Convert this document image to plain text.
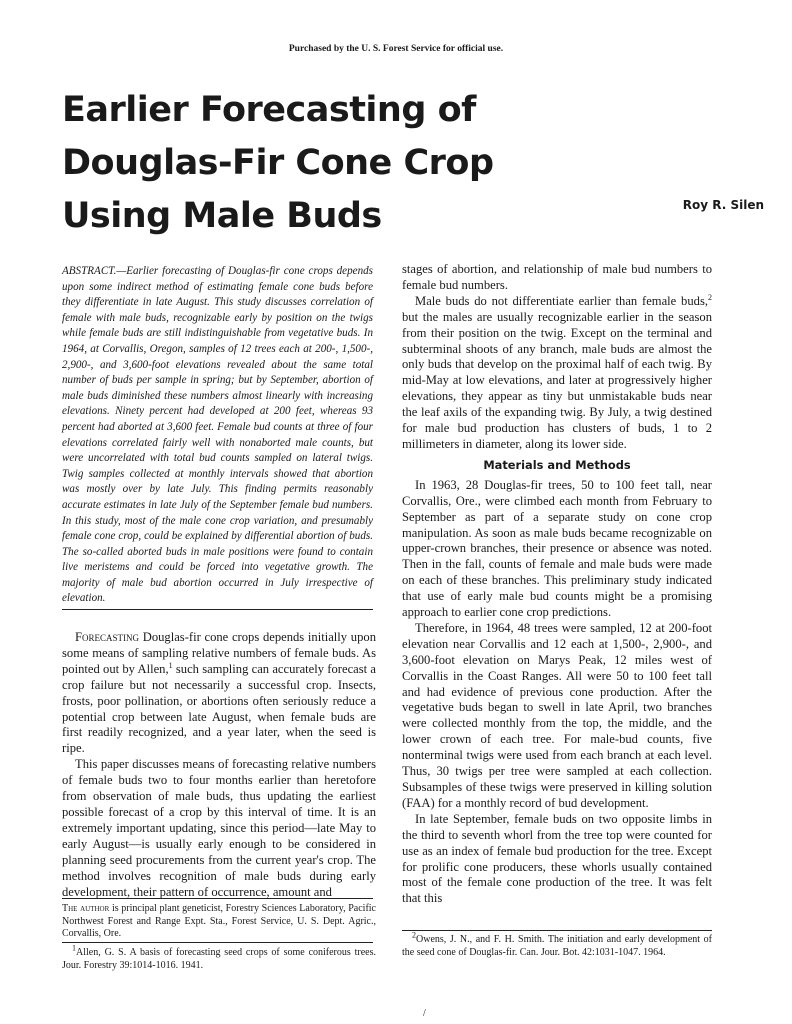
Purchased by the U. S. Forest Service for official use.
Earlier Forecasting of
Douglas-Fir Cone Crop
Using Male Buds	Roy R. Silen

ABSTRACT.—Earlier forecasting of Douglas-fir cone crops depends upon some indirect method of estimating female cone buds before they differentiate in late August. This study discusses correlation of female with male buds, recognizable early by position on the twigs while female buds are still indistinguishable from vegetative buds. In 1964, at Corvallis, Oregon, samples of 12 trees each at 200-, 1,500-, 2,900-, and 3,600-foot elevations revealed about the same total number of buds per sample in spring; but by September, abortion of male buds diminished these numbers almost linearly with increasing elevations. Ninety percent had developed at 200 feet, whereas 93 percent had aborted at 3,600 feet. Female bud counts at three of four elevations correlated fairly well with nonaborted male counts, but were uncorrelated with total bud counts sampled on lateral twigs. Twig samples collected at monthly intervals showed that abortion was mostly over by late July. This finding permits reasonably accurate estimates in late July of the September female bud numbers. In this study, most of the male cone crop variation, and presumably female cone crop, could be explained by differential abortion of buds. The so-called aborted buds in male positions were found to contain live meristems and could be forced into vegetative growth. The majority of male bud abortion occurred in July irrespective of elevation.

Forecasting Douglas-fir cone crops depends initially upon some means of sampling relative numbers of female buds. As pointed out by Allen,$^1$ such sampling can accurately forecast a crop failure but not necessarily a successful crop. Insects, frosts, poor pollination, or abortions often seriously reduce a potential crop between late August, when female buds are first readily recognized, and a year later, when the seed is ripe.

This paper discusses means of forecasting relative numbers of female buds two to four months earlier than heretofore from observation of male buds, thus updating the earliest possible forecast of a crop by this interval of time. It is an extremely important updating, since this period—late May to early August—is usually early enough to be considered in planning seed procurements from the current year's crop. The method involves recognition of male buds during early development, their pattern of occurrence, amount and

stages of abortion, and relationship of male bud numbers to female bud numbers.

Male buds do not differentiate earlier than female buds,$^2$ but the males are usually recognizable earlier in the season from their position on the twig. Except on the terminal and subterminal shoots of any branch, male buds are almost the only buds that develop on the proximal half of each twig. By mid-May at low elevations, and later at progressively higher elevations, they appear as tiny but unmistakable buds near the leaf axils of the expanding twig. By July, a twig destined for male bud production has clusters of buds, 1 to 2 millimeters in diameter, along its lower side.

Materials and Methods

In 1963, 28 Douglas-fir trees, 50 to 100 feet tall, near Corvallis, Ore., were climbed each month from February to September as part of a separate study on cone crop manipulation. As soon as male buds became recognizable on upper-crown branches, their presence or absence was noted. Then in the fall, counts of female and male buds were made on each of these branches. This preliminary study indicated that use of early male bud counts might be a promising approach to earlier cone crop predictions.

Therefore, in 1964, 48 trees were sampled, 12 at 200-foot elevation near Corvallis and 12 each at 1,500-, 2,900-, and 3,600-foot elevation on Marys Peak, 12 miles west of Corvallis in the Coast Ranges. All were 50 to 100 feet tall and had evidence of previous cone production. After the vegetative buds began to swell in late April, two branches were collected monthly from the top, the middle, and the lower crown of each tree. For male-bud counts, five nonterminal twigs were used from each branch at each level. Thus, 30 twigs per tree were sampled at each collection. Subsamples of these twigs were preserved in killing solution (FAA) for a monthly record of bud development.

In late September, female buds on two opposite limbs in the third to seventh whorl from the tree top were counted for use as an index of female bud production for the tree. Except for prolific cone producers, these whorls usually contained most of the female cone production of the tree. It was felt that this

The author is principal plant geneticist, Forestry Sciences Laboratory, Pacific Northwest Forest and Range Expt. Sta., Forest Service, U. S. Dept. Agric., Corvallis, Ore.
$^1$Allen, G. S. A basis of forecasting seed crops of some coniferous trees. Jour. Forestry 39:1014-1016. 1941.
$^2$Owens, J. N., and F. H. Smith. The initiation and early development of the seed cone of Douglas-fir. Can. Jour. Bot. 42:1031-1047. 1964.
/
